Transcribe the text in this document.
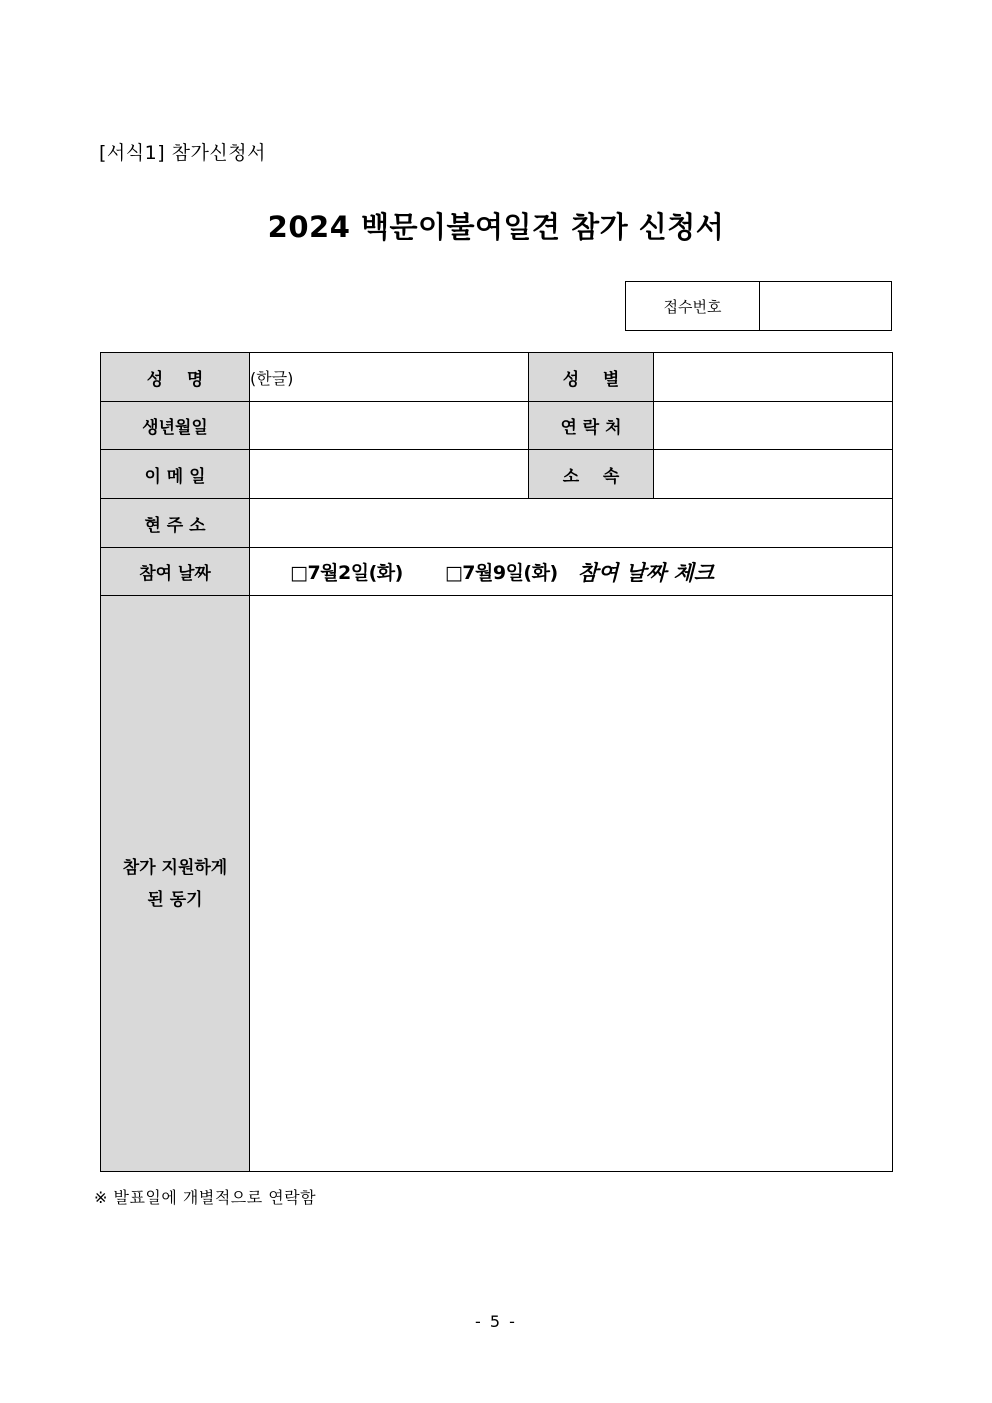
[서식1] 참가신청서
2024 백문이불여일견 참가 신청서
접수번호
성    명	(한글)	성    별	
생년월일		연 락 처	
이 메 일		소    속	
현 주 소			
참여 날짜	□7월2일(화) □7월9일(화) 참여 날짜 체크		

참가 지원하게
된 동기			

※ 발표일에 개별적으로 연락함
- 5 -
